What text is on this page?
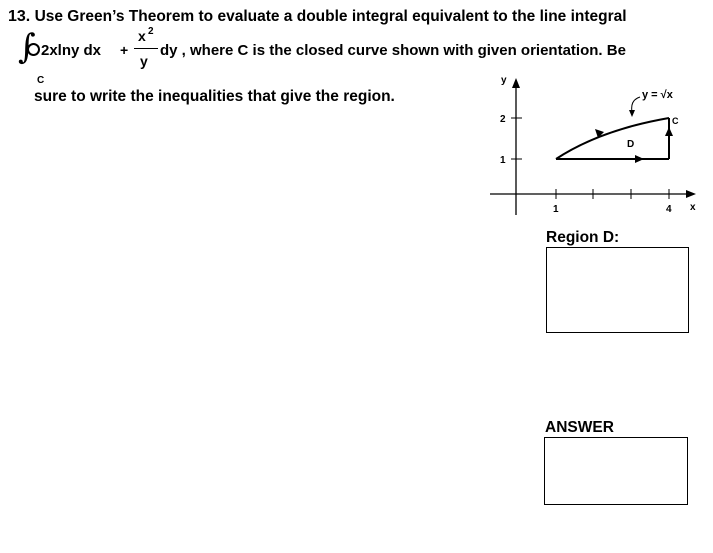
13. Use Green’s Theorem to evaluate a double integral equivalent to the line integral
∫
C
2xlny dx +
x 2
y
dy , where C is the closed curve shown with given orientation. Be
sure to write the inequalities that give the region.
y
x
2
1
1	4
y = √x
D
C
Region D:
ANSWER
